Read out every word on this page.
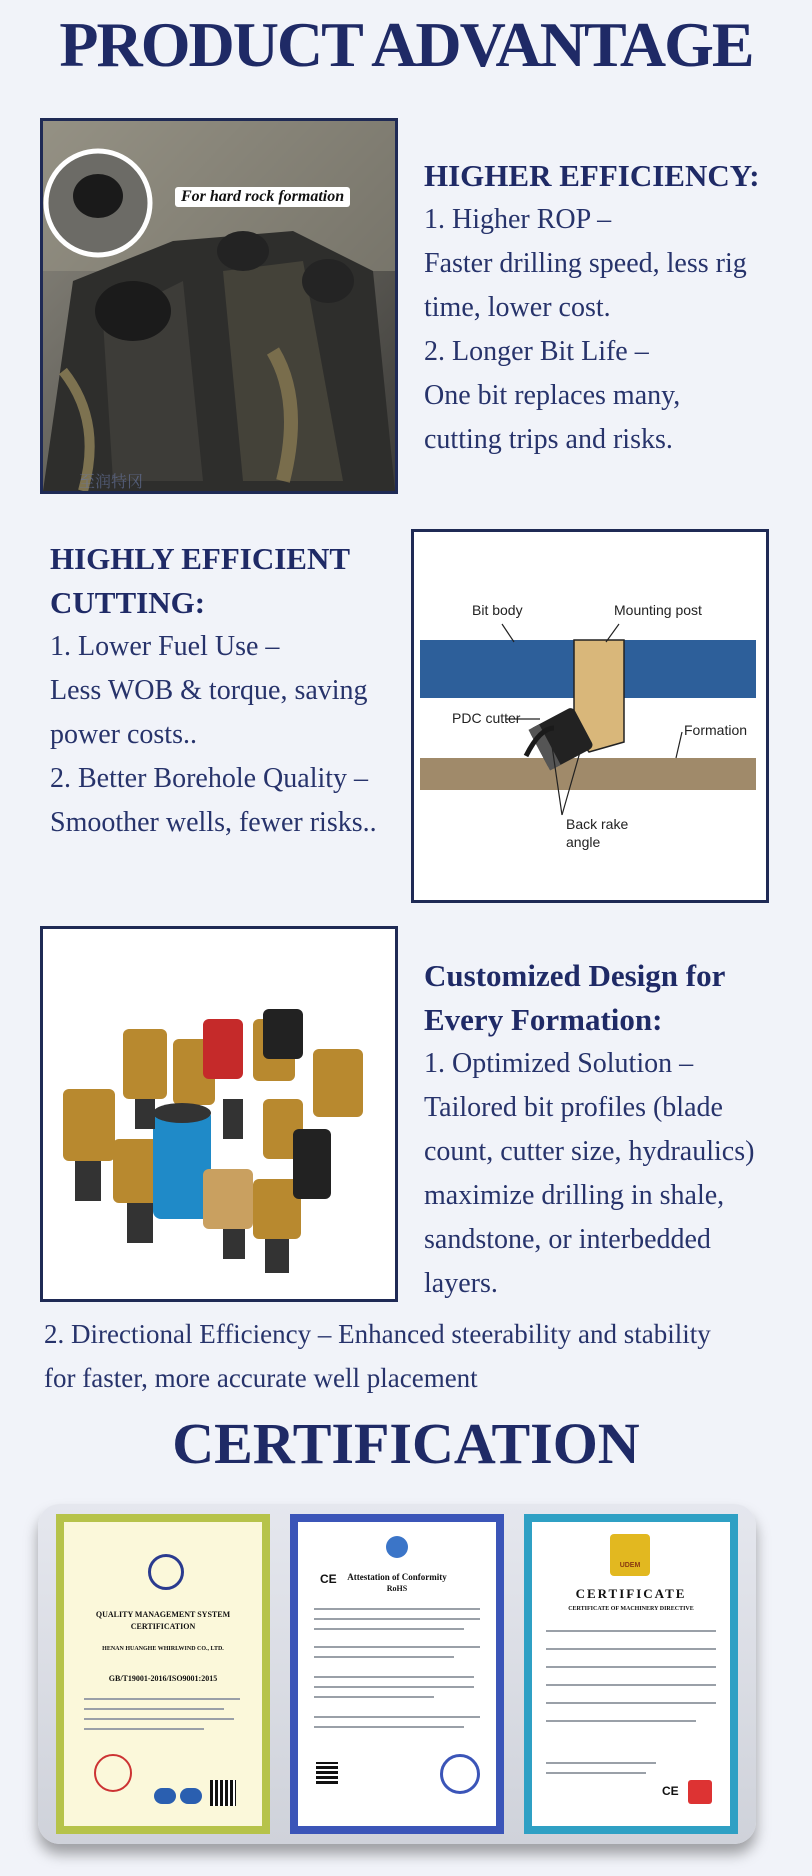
PRODUCT ADVANTAGE
For hard rock formation
至润特冈
HIGHER EFFICIENCY:
1. Higher ROP –
Faster drilling speed, less rig
time, lower cost.
2. Longer Bit Life –
One bit replaces many,
cutting trips and risks.
HIGHLY EFFICIENT
CUTTING:
1. Lower Fuel Use –
Less WOB & torque, saving
power costs..
2. Better Borehole Quality –
Smoother wells, fewer risks..
Bit body	Mounting post
PDC cutter
Formation
Back rake
angle
Customized Design for
Every Formation:
1. Optimized Solution –
Tailored bit profiles (blade
count, cutter size, hydraulics)
maximize drilling in shale,
sandstone, or interbedded
layers.
2. Directional Efficiency – Enhanced steerability and stability
for faster, more accurate well placement
CERTIFICATION
QUALITY MANAGEMENT SYSTEM
CERTIFICATION
HENAN HUANGHE WHIRLWIND CO., LTD.
GB/T19001-2016/ISO9001:2015
CE	Attestation of Conformity
RoHS
UDEM
CERTIFICATE
CERTIFICATE OF MACHINERY DIRECTIVE
CE
